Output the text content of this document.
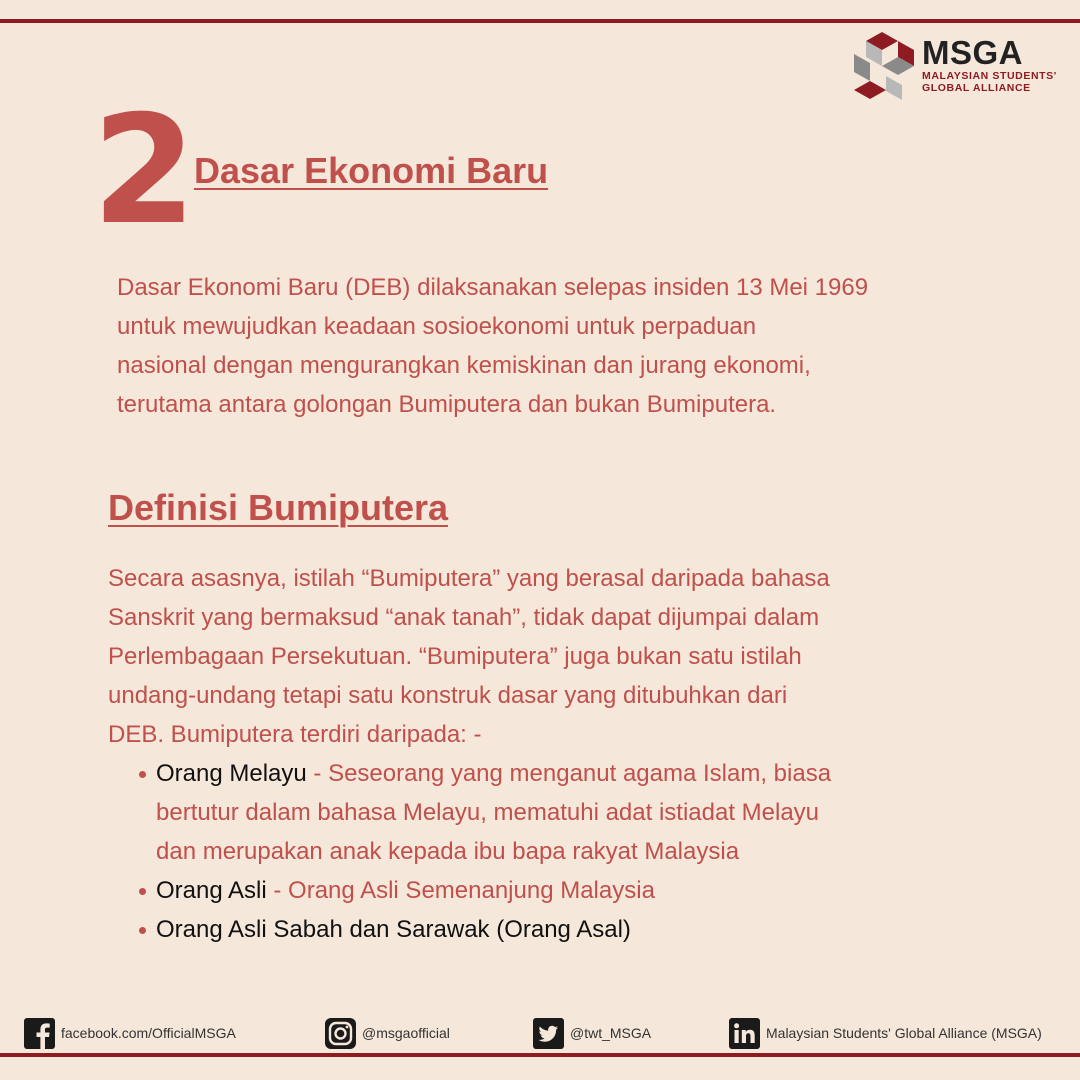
MSGA
MALAYSIAN STUDENTS'
GLOBAL ALLIANCE
2
Dasar Ekonomi Baru
Dasar Ekonomi Baru (DEB) dilaksanakan selepas insiden 13 Mei 1969
untuk mewujudkan keadaan sosioekonomi untuk perpaduan
nasional dengan mengurangkan kemiskinan dan jurang ekonomi,
terutama antara golongan Bumiputera dan bukan Bumiputera.
Definisi Bumiputera
Secara asasnya, istilah “Bumiputera” yang berasal daripada bahasa
Sanskrit yang bermaksud “anak tanah”, tidak dapat dijumpai dalam
Perlembagaan Persekutuan. “Bumiputera” juga bukan satu istilah
undang-undang tetapi satu konstruk dasar yang ditubuhkan dari
DEB. Bumiputera terdiri daripada: -
Orang Melayu - Seseorang yang menganut agama Islam, biasa
bertutur dalam bahasa Melayu, mematuhi adat istiadat Melayu
dan merupakan anak kepada ibu bapa rakyat Malaysia
Orang Asli - Orang Asli Semenanjung Malaysia
Orang Asli Sabah dan Sarawak (Orang Asal)
facebook.com/OfficialMSGA	@msgaofficial	@twt_MSGA	Malaysian Students' Global Alliance (MSGA)
